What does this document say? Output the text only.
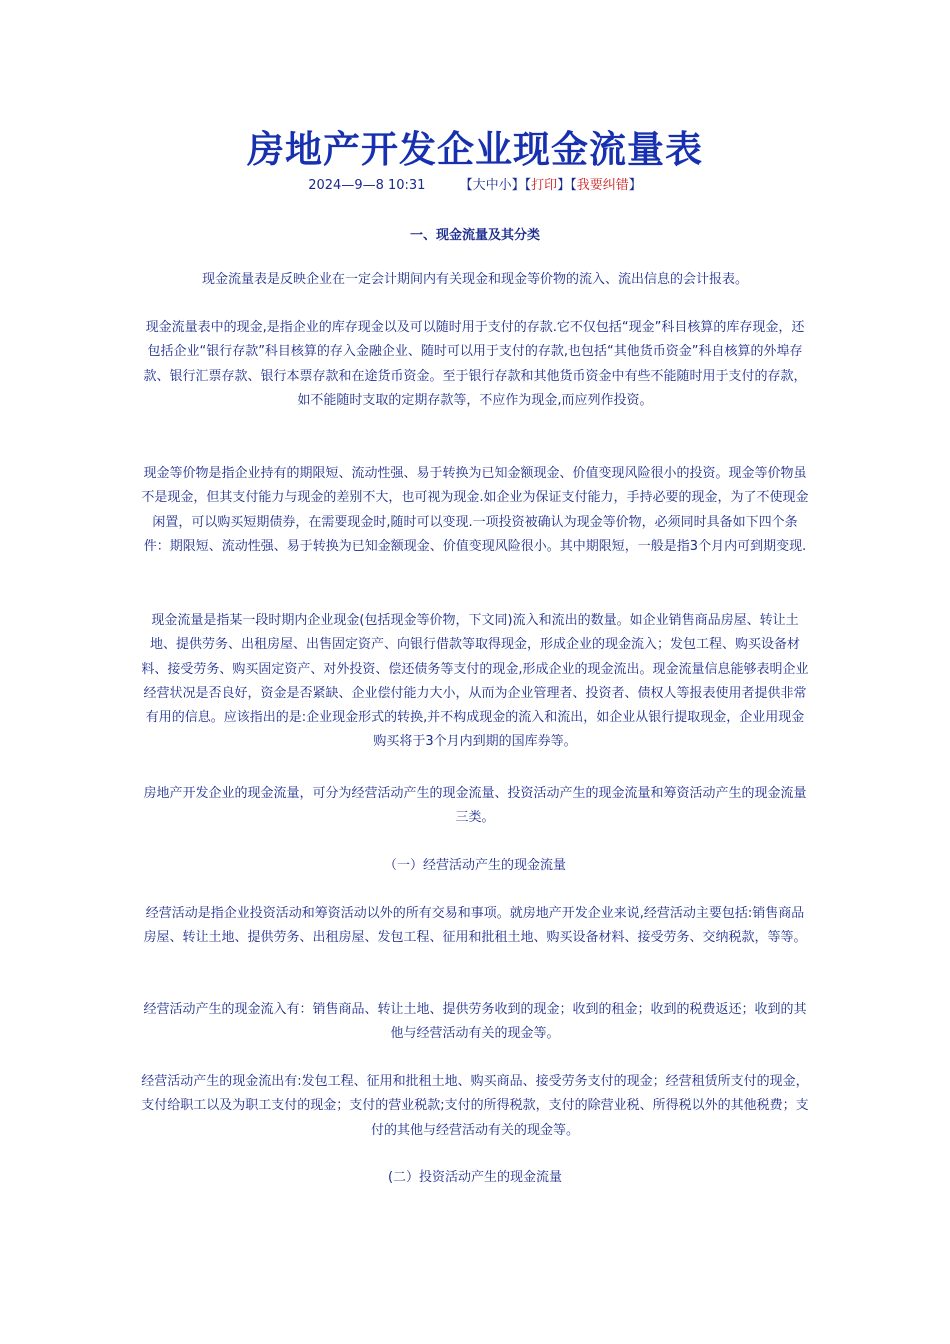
房地产开发企业现金流量表
2024—9—8 10:31	【大中小】【打印】【我要纠错】
一、现金流量及其分类
现金流量表是反映企业在一定会计期间内有关现金和现金等价物的流入、流出信息的会计报表。
现金流量表中的现金,是指企业的库存现金以及可以随时用于支付的存款.它不仅包括“现金”科目核算的库存现金，还包括企业“银行存款”科目核算的存入金融企业、随时可以用于支付的存款,也包括“其他货币资金”科自核算的外埠存款、银行汇票存款、银行本票存款和在途货币资金。至于银行存款和其他货币资金中有些不能随时用于支付的存款，如不能随时支取的定期存款等，不应作为现金,而应列作投资。
现金等价物是指企业持有的期限短、流动性强、易于转换为已知金额现金、价值变现风险很小的投资。现金等价物虽不是现金，但其支付能力与现金的差别不大，也可视为现金.如企业为保证支付能力，手持必要的现金，为了不使现金闲置，可以购买短期债券，在需要现金时,随时可以变现.一项投资被确认为现金等价物，必须同时具备如下四个条件：期限短、流动性强、易于转换为已知金额现金、价值变现风险很小。其中期限短，一般是指3个月内可到期变现.
现金流量是指某一段时期内企业现金(包括现金等价物，下文同)流入和流出的数量。如企业销售商品房屋、转让土地、提供劳务、出租房屋、出售固定资产、向银行借款等取得现金，形成企业的现金流入；发包工程、购买设备材料、接受劳务、购买固定资产、对外投资、偿还债务等支付的现金,形成企业的现金流出。现金流量信息能够表明企业经营状况是否良好，资金是否紧缺、企业偿付能力大小，从而为企业管理者、投资者、债权人等报表使用者提供非常有用的信息。应该指出的是:企业现金形式的转换,并不构成现金的流入和流出，如企业从银行提取现金，企业用现金购买将于3个月内到期的国库券等。
房地产开发企业的现金流量，可分为经营活动产生的现金流量、投资活动产生的现金流量和筹资活动产生的现金流量三类。
（一）经营活动产生的现金流量
经营活动是指企业投资活动和筹资活动以外的所有交易和事项。就房地产开发企业来说,经营活动主要包括:销售商品房屋、转让土地、提供劳务、出租房屋、发包工程、征用和批租土地、购买设备材料、接受劳务、交纳税款，等等。
经营活动产生的现金流入有：销售商品、转让土地、提供劳务收到的现金；收到的租金；收到的税费返还；收到的其他与经营活动有关的现金等。
经营活动产生的现金流出有:发包工程、征用和批租土地、购买商品、接受劳务支付的现金；经营租赁所支付的现金，支付给职工以及为职工支付的现金；支付的营业税款;支付的所得税款，支付的除营业税、所得税以外的其他税费；支付的其他与经营活动有关的现金等。
(二）投资活动产生的现金流量
